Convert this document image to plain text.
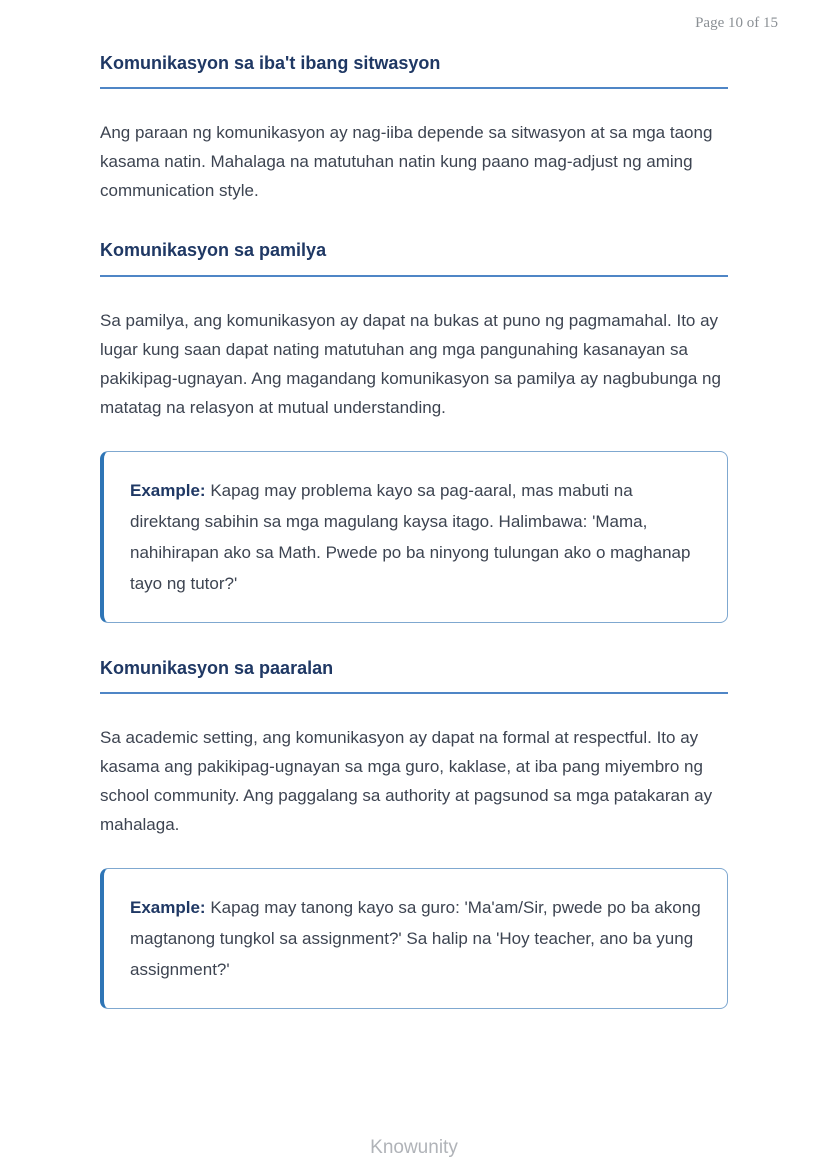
Page 10 of 15
Komunikasyon sa iba't ibang sitwasyon

Ang paraan ng komunikasyon ay nag-iiba depende sa sitwasyon at sa mga taong kasama natin. Mahalaga na matutuhan natin kung paano mag-adjust ng aming communication style.

Komunikasyon sa pamilya

Sa pamilya, ang komunikasyon ay dapat na bukas at puno ng pagmamahal. Ito ay lugar kung saan dapat nating matutuhan ang mga pangunahing kasanayan sa pakikipag-ugnayan. Ang magandang komunikasyon sa pamilya ay nagbubunga ng matatag na relasyon at mutual understanding.

Example: Kapag may problema kayo sa pag-aaral, mas mabuti na direktang sabihin sa mga magulang kaysa itago. Halimbawa: 'Mama, nahihirapan ako sa Math. Pwede po ba ninyong tulungan ako o maghanap tayo ng tutor?'

Komunikasyon sa paaralan

Sa academic setting, ang komunikasyon ay dapat na formal at respectful. Ito ay kasama ang pakikipag-ugnayan sa mga guro, kaklase, at iba pang miyembro ng school community. Ang paggalang sa authority at pagsunod sa mga patakaran ay mahalaga.

Example: Kapag may tanong kayo sa guro: 'Ma'am/Sir, pwede po ba akong magtanong tungkol sa assignment?' Sa halip na 'Hoy teacher, ano ba yung assignment?'

Knowunity
